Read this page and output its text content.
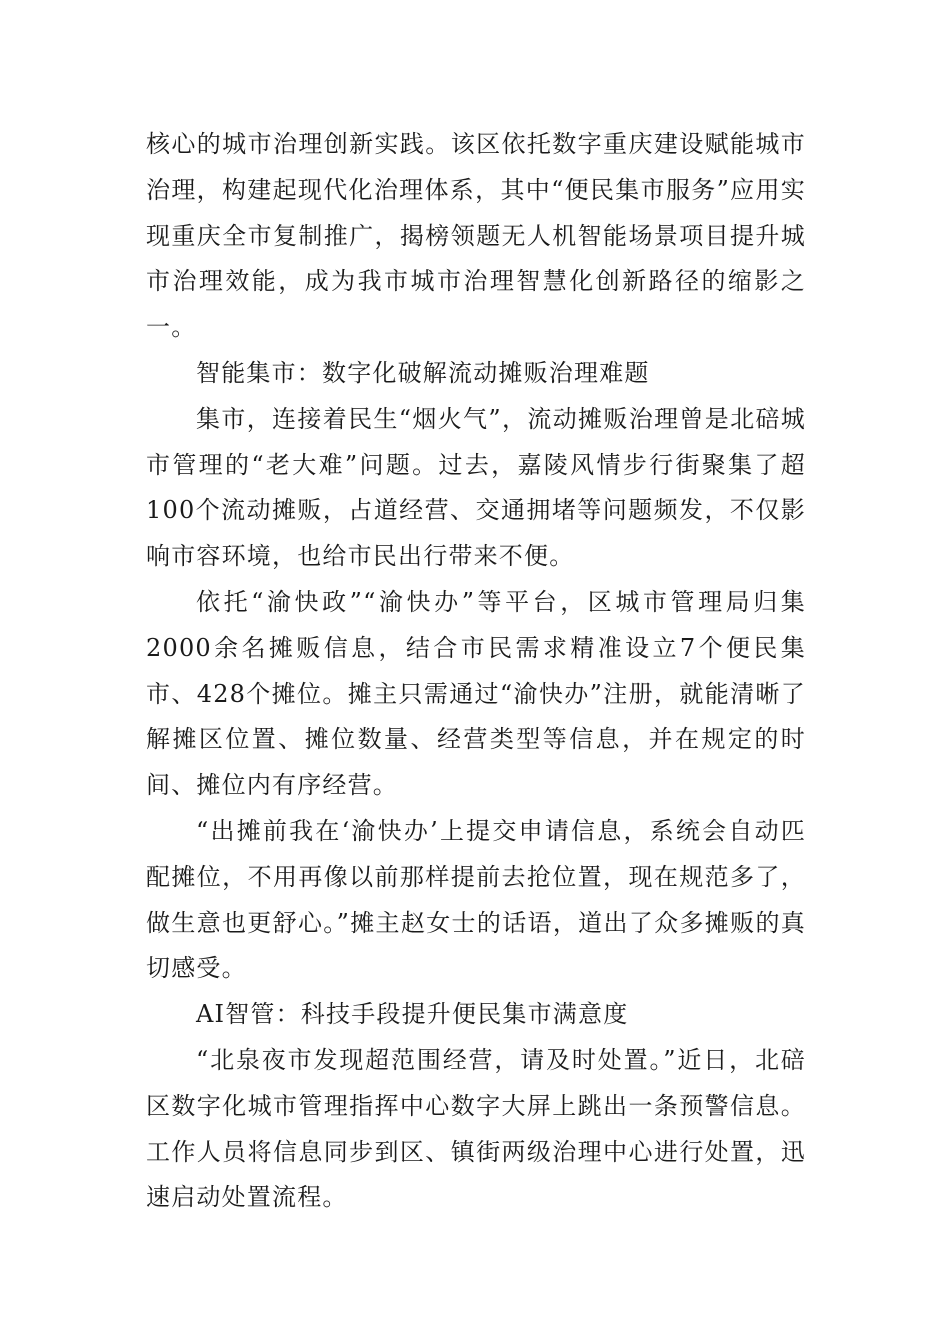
核心的城市治理创新实践。该区依托数字重庆建设赋能城市治理，构建起现代化治理体系，其中“便民集市服务”应用实现重庆全市复制推广，揭榜领题无人机智能场景项目提升城市治理效能，成为我市城市治理智慧化创新路径的缩影之一。

智能集市：数字化破解流动摊贩治理难题

集市，连接着民生“烟火气”，流动摊贩治理曾是北碚城市管理的“老大难”问题。过去，嘉陵风情步行街聚集了超100个流动摊贩，占道经营、交通拥堵等问题频发，不仅影响市容环境，也给市民出行带来不便。

依托“渝快政”“渝快办”等平台，区城市管理局归集2000余名摊贩信息，结合市民需求精准设立7个便民集市、428个摊位。摊主只需通过“渝快办”注册，就能清晰了解摊区位置、摊位数量、经营类型等信息，并在规定的时间、摊位内有序经营。

“出摊前我在‘渝快办’上提交申请信息，系统会自动匹配摊位，不用再像以前那样提前去抢位置，现在规范多了，做生意也更舒心。”摊主赵女士的话语，道出了众多摊贩的真切感受。

AI智管：科技手段提升便民集市满意度

“北泉夜市发现超范围经营，请及时处置。”近日，北碚区数字化城市管理指挥中心数字大屏上跳出一条预警信息。工作人员将信息同步到区、镇街两级治理中心进行处置，迅速启动处置流程。
